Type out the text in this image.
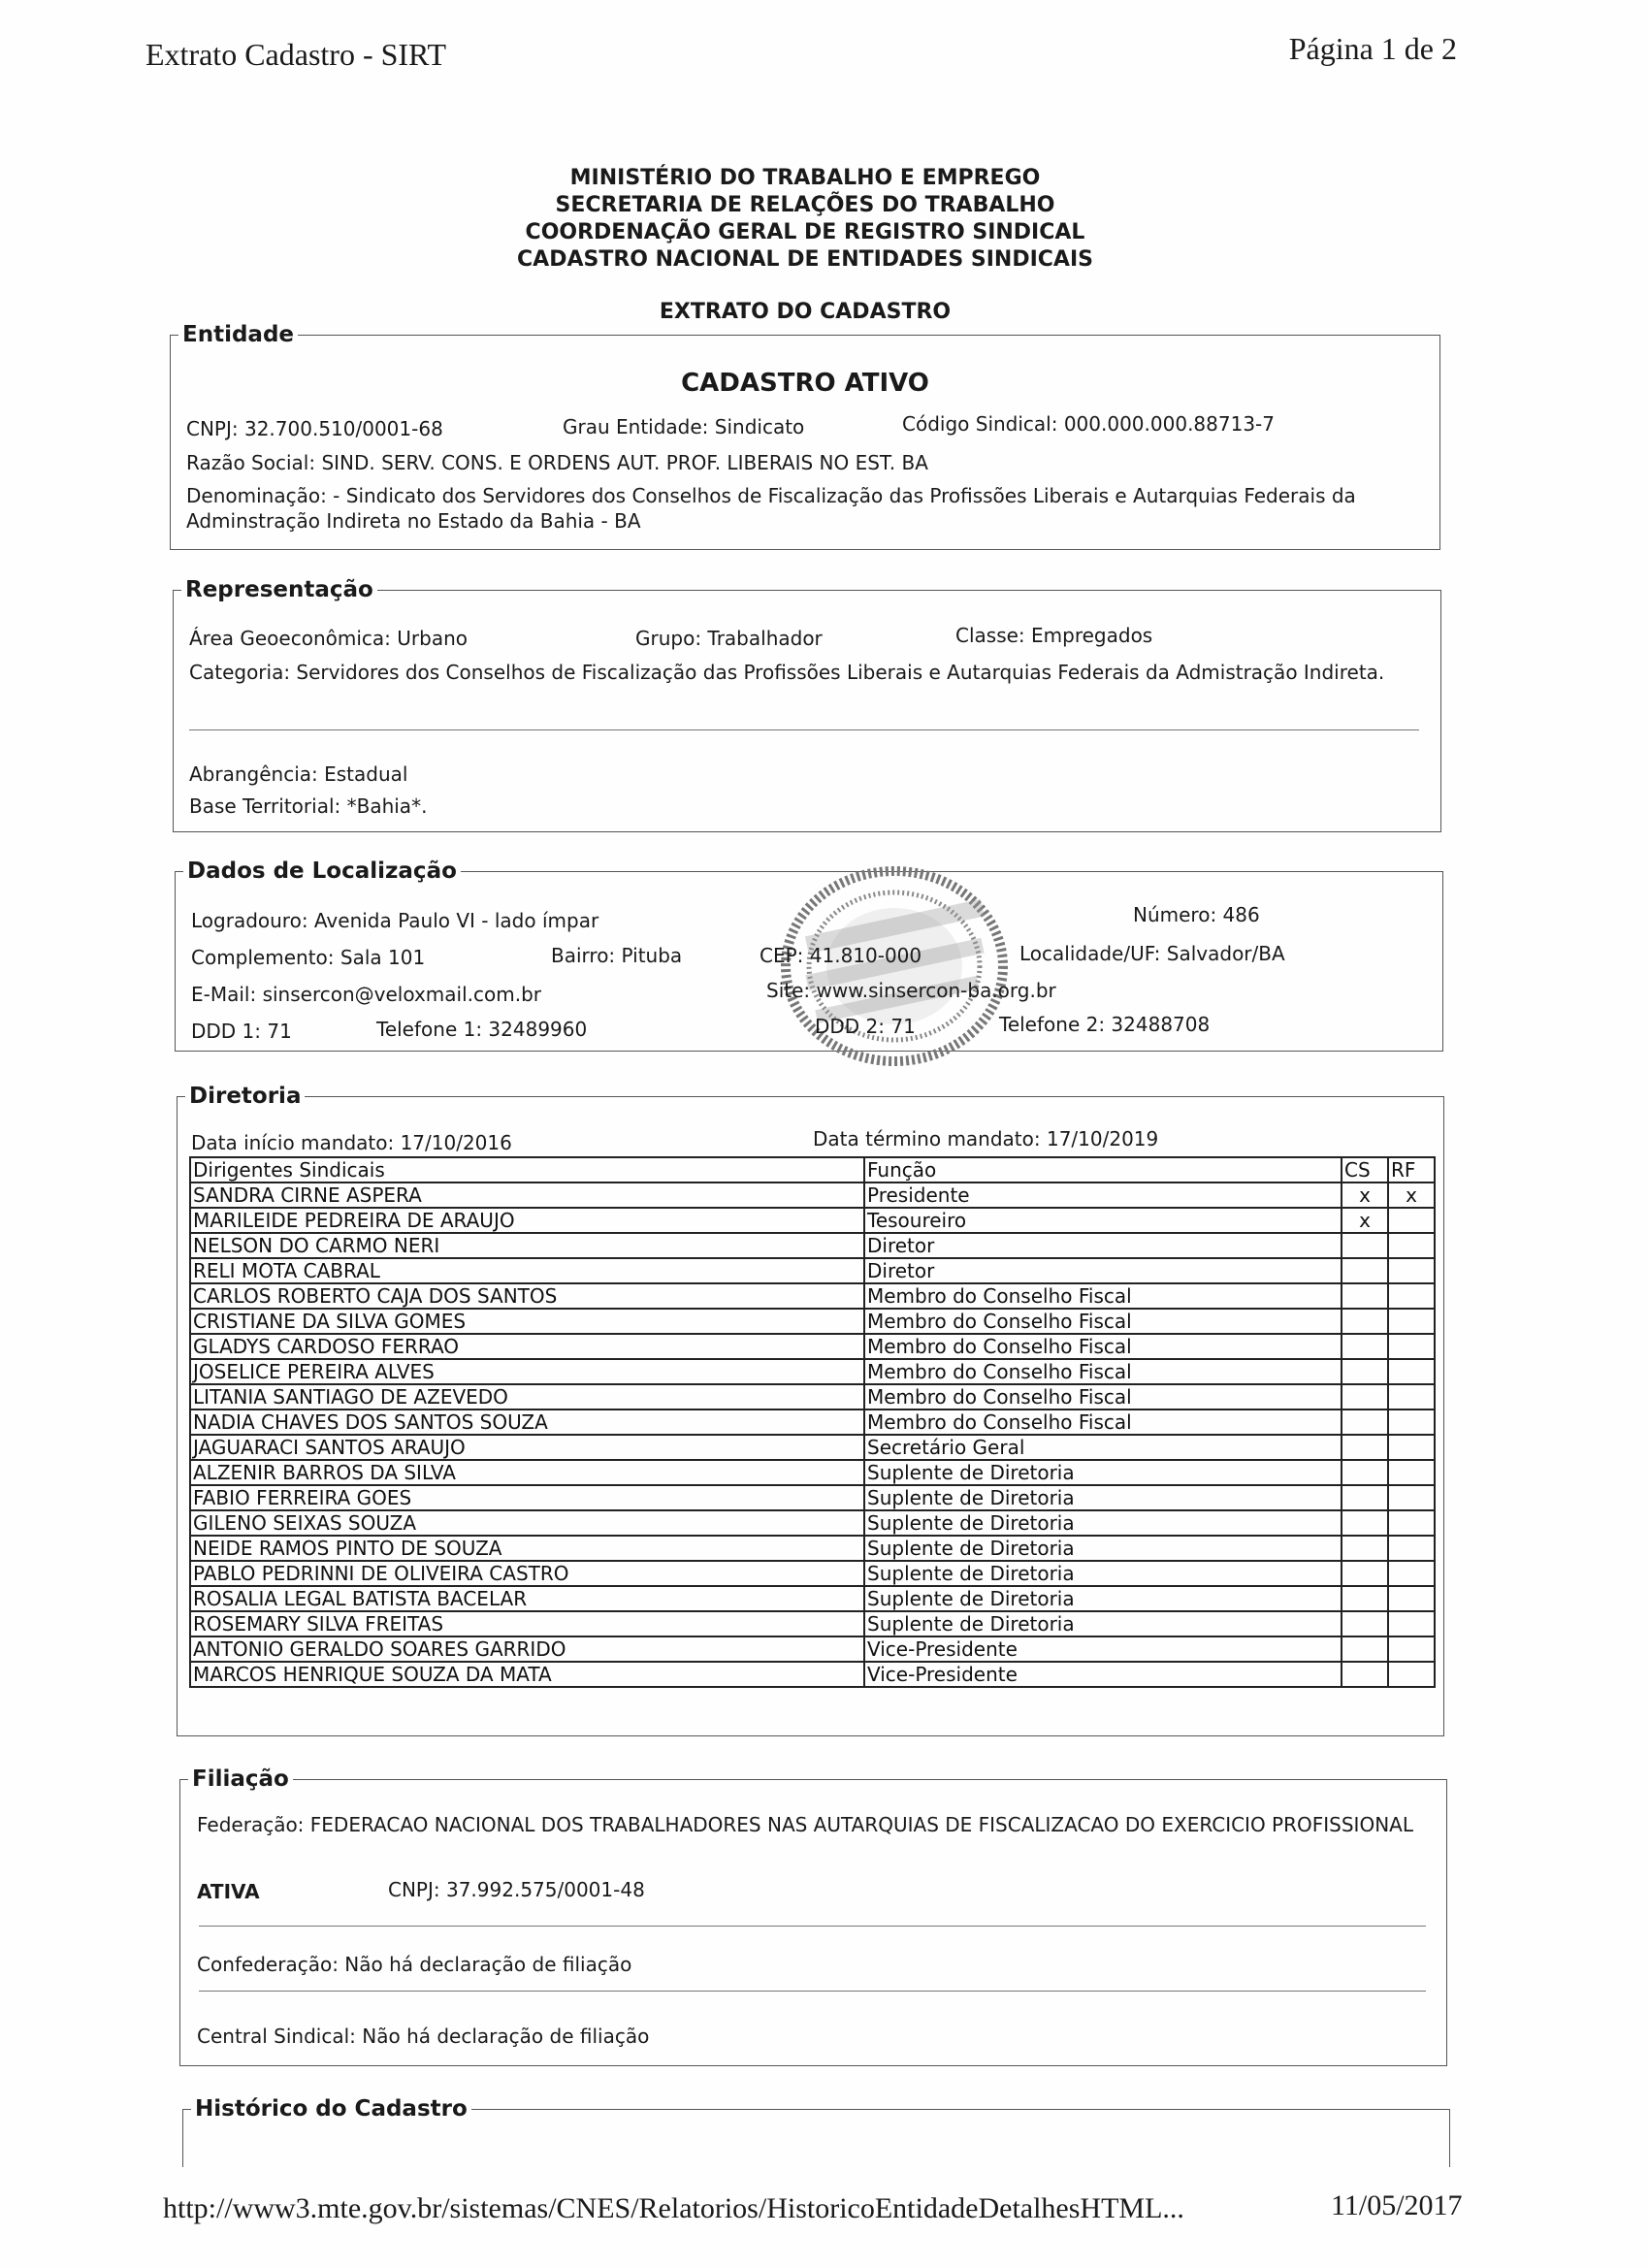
Extrato Cadastro - SIRT	Página 1 de 2
MINISTÉRIO DO TRABALHO E EMPREGO
SECRETARIA DE RELAÇÕES DO TRABALHO
COORDENAÇÃO GERAL DE REGISTRO SINDICAL
CADASTRO NACIONAL DE ENTIDADES SINDICAIS
EXTRATO DO CADASTRO
Entidade
CADASTRO ATIVO
CNPJ: 32.700.510/0001-68	Grau Entidade: Sindicato	Código Sindical: 000.000.000.88713-7
Razão Social: SIND. SERV. CONS. E ORDENS AUT. PROF. LIBERAIS NO EST. BA
Denominação: - Sindicato dos Servidores dos Conselhos de Fiscalização das Profissões Liberais e Autarquias Federais da Adminstração Indireta no Estado da Bahia - BA
Representação
Área Geoeconômica: Urbano	Grupo: Trabalhador	Classe: Empregados
Categoria: Servidores dos Conselhos de Fiscalização das Profissões Liberais e Autarquias Federais da Admistração Indireta.
Abrangência: Estadual
Base Territorial: *Bahia*.
Dados de Localização
Logradouro: Avenida Paulo VI - lado ímpar	Número: 486
Complemento: Sala 101	Bairro: Pituba	CEP: 41.810-000	Localidade/UF: Salvador/BA
E-Mail: sinsercon@veloxmail.com.br	Site: www.sinsercon-ba.org.br
DDD 1: 71	Telefone 1: 32489960	DDD 2: 71	Telefone 2: 32488708
Diretoria
Data início mandato: 17/10/2016	Data término mandato: 17/10/2019
Dirigentes Sindicais	Função	CS	RF
SANDRA CIRNE ASPERA	Presidente	x	x
MARILEIDE PEDREIRA DE ARAUJO	Tesoureiro	x	
NELSON DO CARMO NERI	Diretor		
RELI MOTA CABRAL	Diretor		
CARLOS ROBERTO CAJA DOS SANTOS	Membro do Conselho Fiscal		
CRISTIANE DA SILVA GOMES	Membro do Conselho Fiscal		
GLADYS CARDOSO FERRAO	Membro do Conselho Fiscal		
JOSELICE PEREIRA ALVES	Membro do Conselho Fiscal		
LITANIA SANTIAGO DE AZEVEDO	Membro do Conselho Fiscal		
NADIA CHAVES DOS SANTOS SOUZA	Membro do Conselho Fiscal		
JAGUARACI SANTOS ARAUJO	Secretário Geral		
ALZENIR BARROS DA SILVA	Suplente de Diretoria		
FABIO FERREIRA GOES	Suplente de Diretoria		
GILENO SEIXAS SOUZA	Suplente de Diretoria		
NEIDE RAMOS PINTO DE SOUZA	Suplente de Diretoria		
PABLO PEDRINNI DE OLIVEIRA CASTRO	Suplente de Diretoria		
ROSALIA LEGAL BATISTA BACELAR	Suplente de Diretoria		
ROSEMARY SILVA FREITAS	Suplente de Diretoria		
ANTONIO GERALDO SOARES GARRIDO	Vice-Presidente		
MARCOS HENRIQUE SOUZA DA MATA	Vice-Presidente		
Filiação
Federação: FEDERACAO NACIONAL DOS TRABALHADORES NAS AUTARQUIAS DE FISCALIZACAO DO EXERCICIO PROFISSIONAL
ATIVA	CNPJ: 37.992.575/0001-48
Confederação: Não há declaração de filiação
Central Sindical: Não há declaração de filiação
Histórico do Cadastro
http://www3.mte.gov.br/sistemas/CNES/Relatorios/HistoricoEntidadeDetalhesHTML...	11/05/2017
